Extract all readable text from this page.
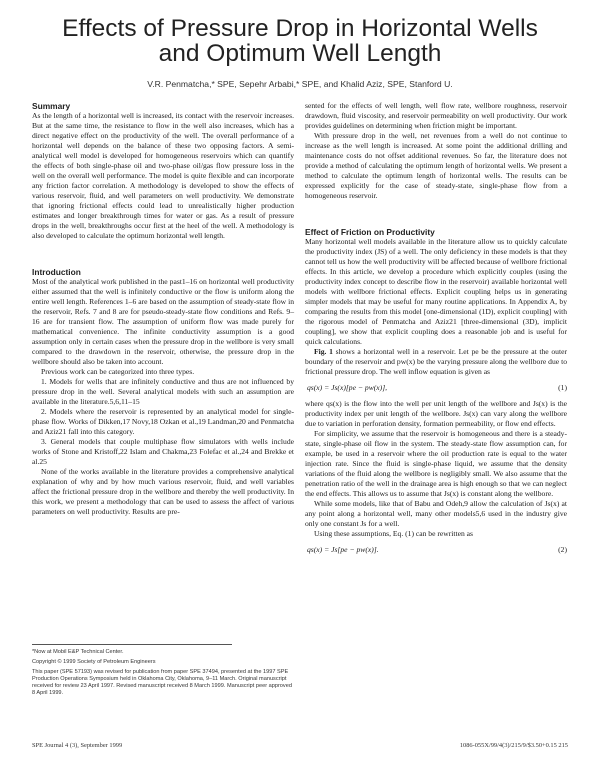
Effects of Pressure Drop in Horizontal Wells
and Optimum Well Length
V.R. Penmatcha,* SPE, Sepehr Arbabi,* SPE, and Khalid Aziz, SPE, Stanford U.
Summary

As the length of a horizontal well is increased, its contact with the reservoir increases. But at the same time, the resistance to flow in the well also increases, which has a direct negative effect on the productivity of the well. The overall performance of a horizontal well depends on the balance of these two opposing factors. A semi-analytical well model is developed for homogeneous reservoirs which can quantify the effects of both single-phase oil and two-phase oil/gas flow pressure loss in the well on the overall well performance. The model is quite flexible and can incorporate any friction factor correlation. A methodology is developed to show the effects of various reservoir, fluid, and well parameters on well productivity. We demonstrate that ignoring frictional effects could lead to unrealistically higher production estimates and longer breakthrough times for water or gas. As a result of pressure drops in the well, breakthroughs occur first at the heel of the well. A methodology is also developed to calculate the optimum horizontal well length.

Introduction

Most of the analytical work published in the past1–16 on horizontal well productivity either assumed that the well is infinitely conductive or the flow is uniform along the entire well length. References 1–6 are based on the assumption of steady-state flow in the reservoir, Refs. 7 and 8 are for pseudo-steady-state flow conditions and Refs. 9–16 are for transient flow. The assumption of uniform flow was made purely for mathematical convenience. The infinite conductivity assumption is a good assumption only in certain cases when the pressure drop in the wellbore is very small compared to the drawdown in the reservoir, otherwise, the pressure drop in the wellbore should also be taken into account.

Previous work can be categorized into three types.

1. Models for wells that are infinitely conductive and thus are not influenced by pressure drop in the well. Several analytical models with such an assumption are available in the literature.5,6,11–15

2. Models where the reservoir is represented by an analytical model for single-phase flow. Works of Dikken,17 Novy,18 Ozkan et al.,19 Landman,20 and Penmatcha and Aziz21 fall into this category.

3. General models that couple multiphase flow simulators with wells include works of Stone and Kristoff,22 Islam and Chakma,23 Folefac et al.,24 and Brekke et al.25

None of the works available in the literature provides a comprehensive analytical explanation of why and by how much various reservoir, fluid, and well variables affect the frictional pressure drop in the wellbore and thereby the well productivity. In this work, we present a methodology that can be used to assess the affect of various parameters on well productivity. Results are pre-

sented for the effects of well length, well flow rate, wellbore roughness, reservoir drawdown, fluid viscosity, and reservoir permeability on well productivity. Our work provides guidelines on determining when friction might be important.

With pressure drop in the well, net revenues from a well do not continue to increase as the well length is increased. At some point the additional drilling and maintenance costs do not offset additional revenues. So far, the literature does not provide a method of calculating the optimum length of horizontal wells. We present a method to calculate the optimum length of horizontal wells. The results can be expressed explicitly for the case of steady-state, single-phase flow from a homogeneous reservoir.

Effect of Friction on Productivity

Many horizontal well models available in the literature allow us to quickly calculate the productivity index (JS) of a well. The only deficiency in these models is that they cannot tell us how the well productivity will be affected because of wellbore frictional effects. In this article, we develop a procedure which explicitly couples (using the productivity index concept to describe flow in the reservoir) available horizontal well models with wellbore frictional effects. Explicit coupling helps us in generating simpler models that may be useful for many routine applications. In Appendix A, by comparing the results from this model [one-dimensional (1D), explicit coupling] with the rigorous model of Penmatcha and Aziz21 [three-dimensional (3D), implicit coupling], we show that explicit coupling does a reasonable job and is useful for quick calculations.

Fig. 1 shows a horizontal well in a reservoir. Let pe be the pressure at the outer boundary of the reservoir and pw(x) be the varying pressure along the wellbore due to frictional pressure drop. The well inflow equation is given as

qs(x) = Js(x)[pe − pw(x)],	(1)

where qs(x) is the flow into the well per unit length of the wellbore and Js(x) is the productivity index per unit length of the wellbore. Js(x) can vary along the wellbore due to variation in perforation density, formation permeability, or flow end effects.

For simplicity, we assume that the reservoir is homogeneous and there is a steady-state, single-phase oil flow in the system. The steady-state flow assumption can, for example, be used in a reservoir where the oil production rate is equal to the water injection rate. Since the fluid is single-phase liquid, we assume that the density variations of the fluid along the wellbore is negligibly small. We also assume that the penetration ratio of the well in the drainage area is high enough so that we can neglect the end effects. This allows us to assume that Js(x) is constant along the wellbore.

While some models, like that of Babu and Odeh,9 allow the calculation of Js(x) at any point along a horizontal well, many other models5,6 used in the industry give only one constant Js for a well.

Using these assumptions, Eq. (1) can be rewritten as

qs(x) = Js[pe − pw(x)].	(2)

*Now at Mobil E&P Technical Center.

Copyright © 1999 Society of Petroleum Engineers

This paper (SPE 57193) was revised for publication from paper SPE 37494, presented at the 1997 SPE Production Operations Symposium held in Oklahoma City, Oklahoma, 9–11 March. Original manuscript received for review 23 April 1997. Revised manuscript received 8 March 1999. Manuscript peer approved 8 April 1999.

SPE Journal 4 (3), September 1999	1086-055X/99/4(3)/215/9/$3.50+0.15 215
